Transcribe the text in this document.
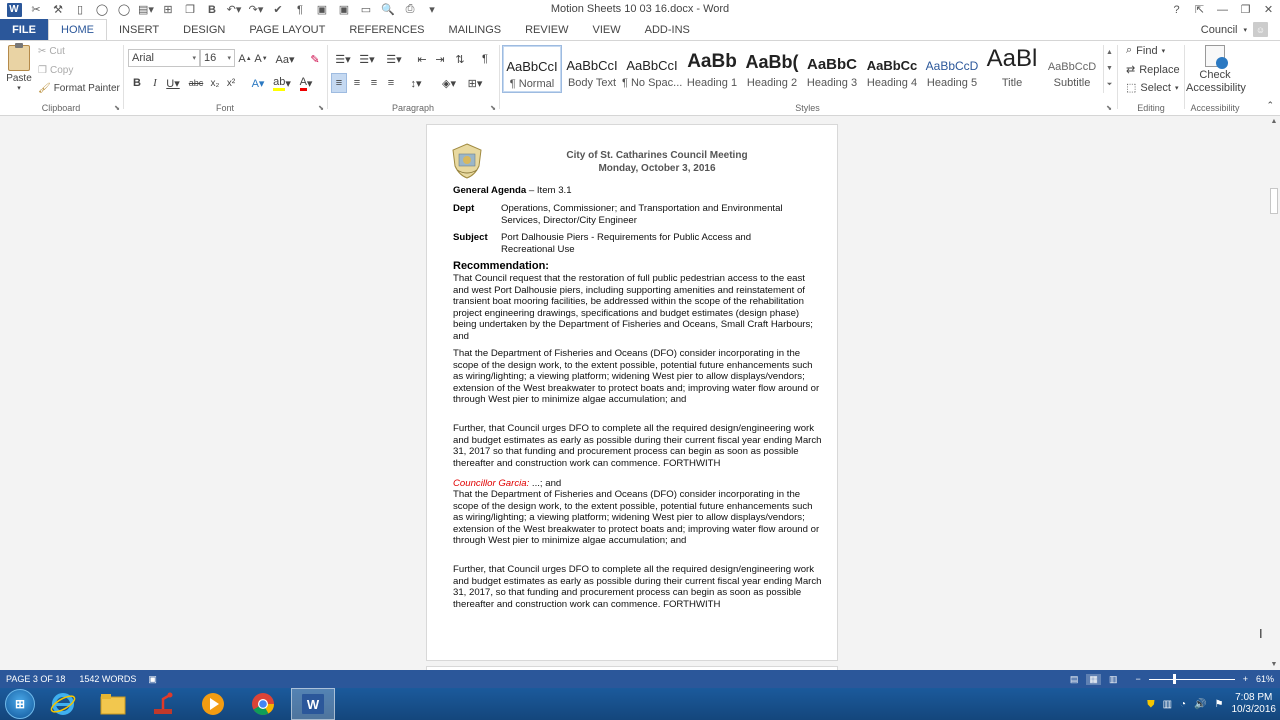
W	✂	⚒	▯	◯ ◯ ▤▾ ⊞	❐	B ↶▾ ↷▾ ✔	¶	▣	▣	▭ 🔍 ⎙	▾	Motion Sheets 10 03 16.docx - Word	?	⇱	—	❐	✕
FILE	HOME	INSERT	DESIGN	PAGE LAYOUT	REFERENCES	MAILINGS	REVIEW	VIEW	ADD-INS	Council ▾ ☺
Paste
▾
✂ Cut
❐ Copy
🖌 Format Painter
Clipboard	⬊
Arial	▾ 16 ▾ A ▲ A ▼ Aa▾ ✎
B	I U▾	abc x₂ x²	A▾ ab ▾ A ▾
Font	⬊
☰▾ ☰▾	☰▾	⇤ ⇥ ⇅	¶
≡	≡ ≡ ≡	↕▾	◈▾	⊞▾
Paragraph	⬊
AaBbCcI
¶ Normal
AaBbCcI
Body Text
AaBbCcI
¶ No Spac...
AaBb
Heading 1
AaBb(
Heading 2
AaBbC
Heading 3
AaBbCc
Heading 4
AaBbCcD
Heading 5
AaBl
Title
AaBbCcD
Subtitle
▲
▼
⏷
Styles	⬊	Editing
⌕ Find ▾
⇄ Replace
⬚ Select ▾
Check Accessibility
Accessibility	⌃
City of St. Catharines Council Meeting
Monday, October 3, 2016
General Agenda – Item 3.1
Dept	Operations, Commissioner; and Transportation and Environmental Services, Director/City Engineer
Subject Port Dalhousie Piers - Requirements for Public Access and Recreational Use
Recommendation:
That Council request that the restoration of full public pedestrian access to the east and west Port Dalhousie piers, including supporting amenities and reinstatement of transient boat mooring facilities, be addressed within the scope of the rehabilitation project engineering drawings, specifications and budget estimates (design phase) being undertaken by the Department of Fisheries and Oceans, Small Craft Harbours; and
That the Department of Fisheries and Oceans (DFO) consider incorporating in the scope of the design work, to the extent possible, potential future enhancements such as wiring/lighting; a viewing platform; widening West pier to allow displays/vendors; extension of the West breakwater to protect boats and; improving water flow around or through West pier to minimize algae accumulation; and
Further, that Council urges DFO to complete all the required design/engineering work and budget estimates as early as possible during their current fiscal year ending March 31, 2017 so that funding and procurement process can begin as soon as possible thereafter and construction work can commence. FORTHWITH
Councillor Garcia: ...; and
That the Department of Fisheries and Oceans (DFO) consider incorporating in the scope of the design work, to the extent possible, potential future enhancements such as wiring/lighting; a viewing platform; widening West pier to allow displays/vendors; extension of the West breakwater to protect boats and; improving water flow around or through West pier to minimize algae accumulation; and
Further, that Council urges DFO to complete all the required design/engineering work and budget estimates as early as possible during their current fiscal year ending March 31, 2017, so that funding and procurement process can begin as soon as possible thereafter and construction work can commence. FORTHWITH
I
▲
▼
PAGE 3 OF 18	1542 WORDS	▣	▤	▦	▥ −	+ 61%
⊞	W	⛊ ▥ ◔ 🔊 ⚑
7:08 PM
10/3/2016
